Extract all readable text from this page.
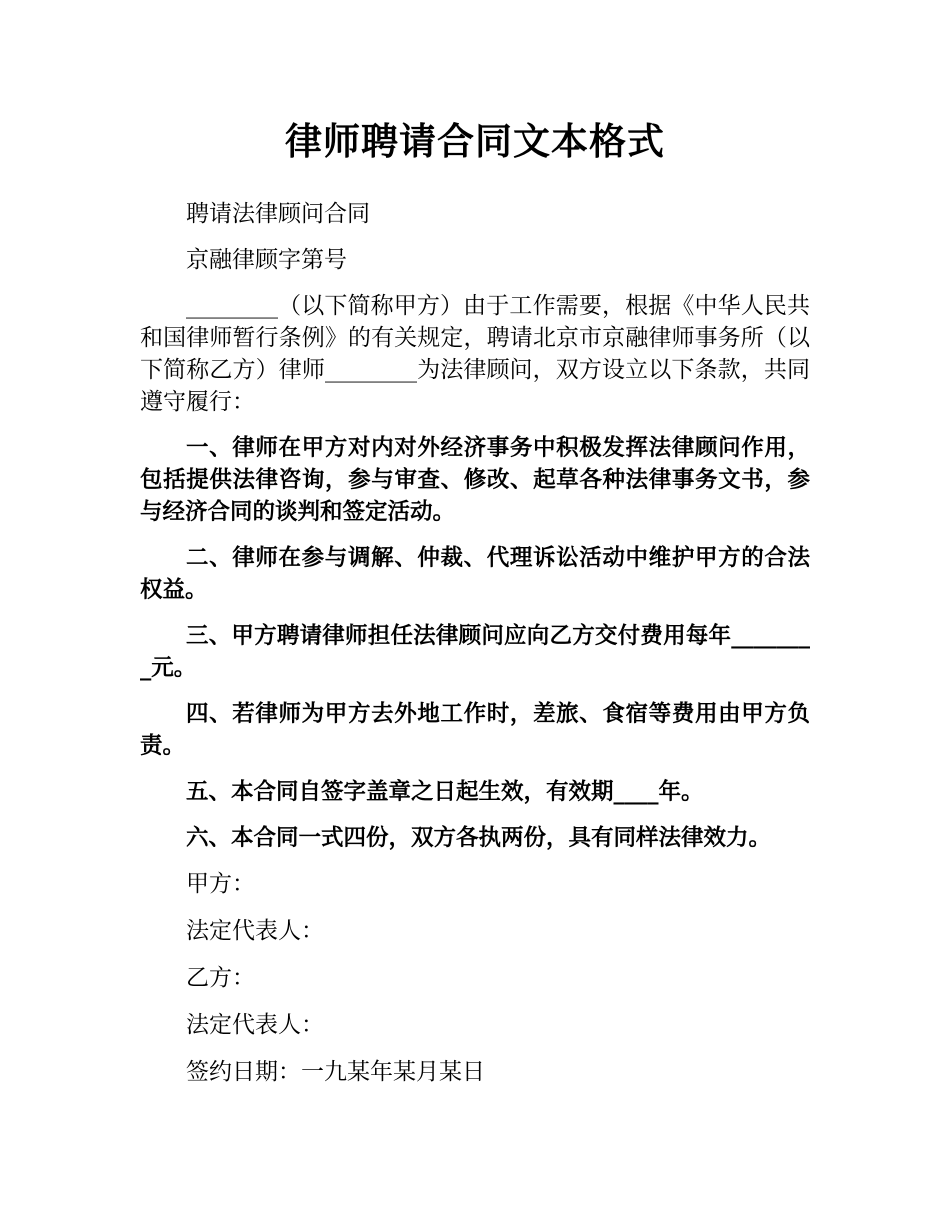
律师聘请合同文本格式

聘请法律顾问合同

京融律顾字第号

________（以下简称甲方）由于工作需要，根据《中华人民共和国律师暂行条例》的有关规定，聘请北京市京融律师事务所（以下简称乙方）律师________为法律顾问，双方设立以下条款，共同遵守履行：

一、律师在甲方对内对外经济事务中积极发挥法律顾问作用，包括提供法律咨询，参与审查、修改、起草各种法律事务文书，参与经济合同的谈判和签定活动。

二、律师在参与调解、仲裁、代理诉讼活动中维护甲方的合法权益。

三、甲方聘请律师担任法律顾问应向乙方交付费用每年________元。

四、若律师为甲方去外地工作时，差旅、食宿等费用由甲方负责。

五、本合同自签字盖章之日起生效，有效期____年。

六、本合同一式四份，双方各执两份，具有同样法律效力。

甲方：

法定代表人：

乙方：

法定代表人：

签约日期：一九某年某月某日
